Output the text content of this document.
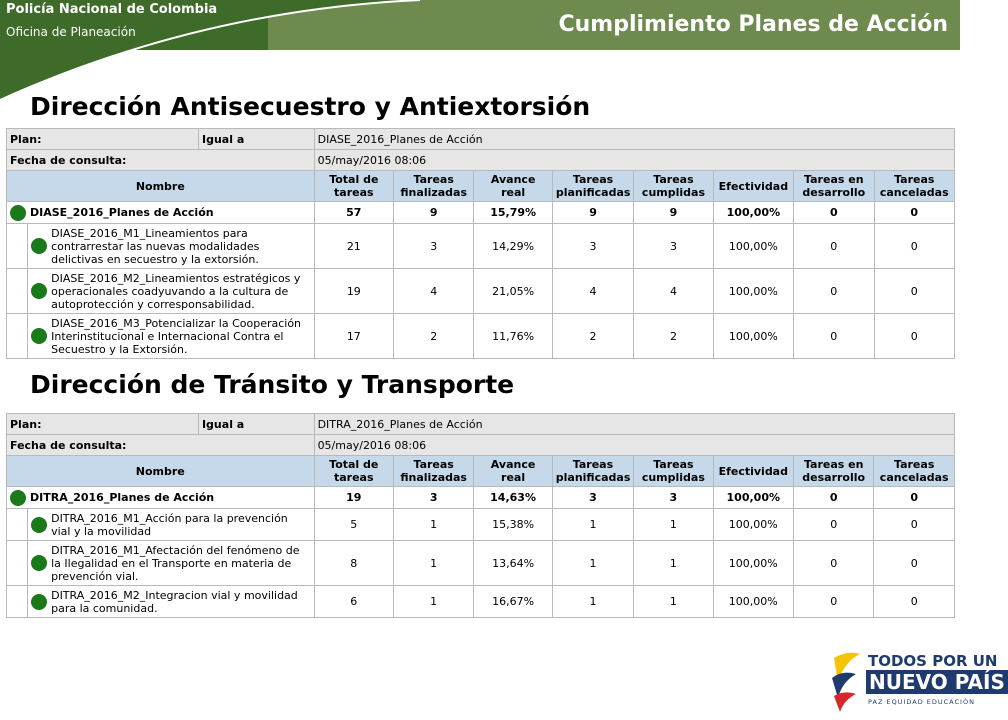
Policía Nacional de Colombia
Oficina de Planeación	Cumplimiento Planes de Acción
Dirección Antisecuestro y Antiextorsión
Plan:		Igual a	DIASE_2016_Planes de Acción							
Fecha de consulta:			05/may/2016 08:06							
Nombre			Total de tareas	Tareas finalizadas	Avance real	Tareas planificadas	Tareas cumplidas	Efectividad	Tareas en desarrollo	Tareas canceladas

DIASE_2016_Planes de Acción			57	9	15,79%	9	9	100,00%	0	0

	DIASE_2016_M1_Lineamientos para contrarrestar las nuevas modalidades delictivas en secuestro y la extorsión.		21	3	14,29%	3	3	100,00%	0	0

	DIASE_2016_M2_Lineamientos estratégicos y operacionales coadyuvando a la cultura de autoprotección y corresponsabilidad.		19	4	21,05%	4	4	100,00%	0	0

	DIASE_2016_M3_Potencializar la Cooperación Interinstitucional e Internacional Contra el Secuestro y la Extorsión.		17	2	11,76%	2	2	100,00%	0	0
Dirección de Tránsito y Transporte
Plan:		Igual a	DITRA_2016_Planes de Acción							
Fecha de consulta:			05/may/2016 08:06							
Nombre			Total de tareas	Tareas finalizadas	Avance real	Tareas planificadas	Tareas cumplidas	Efectividad	Tareas en desarrollo	Tareas canceladas

DITRA_2016_Planes de Acción			19	3	14,63%	3	3	100,00%	0	0

	DITRA_2016_M1_Acción para la prevención vial y la movilidad		5	1	15,38%	1	1	100,00%	0	0

	DITRA_2016_M1_Afectación del fenómeno de la Ilegalidad en el Transporte en materia de prevención vial.		8	1	13,64%	1	1	100,00%	0	0

	DITRA_2016_M2_Integracion vial y movilidad para la comunidad.		6	1	16,67%	1	1	100,00%	0	0
TODOS POR UN
NUEVO PAÍS
PAZ EQUIDAD EDUCACIÓN
